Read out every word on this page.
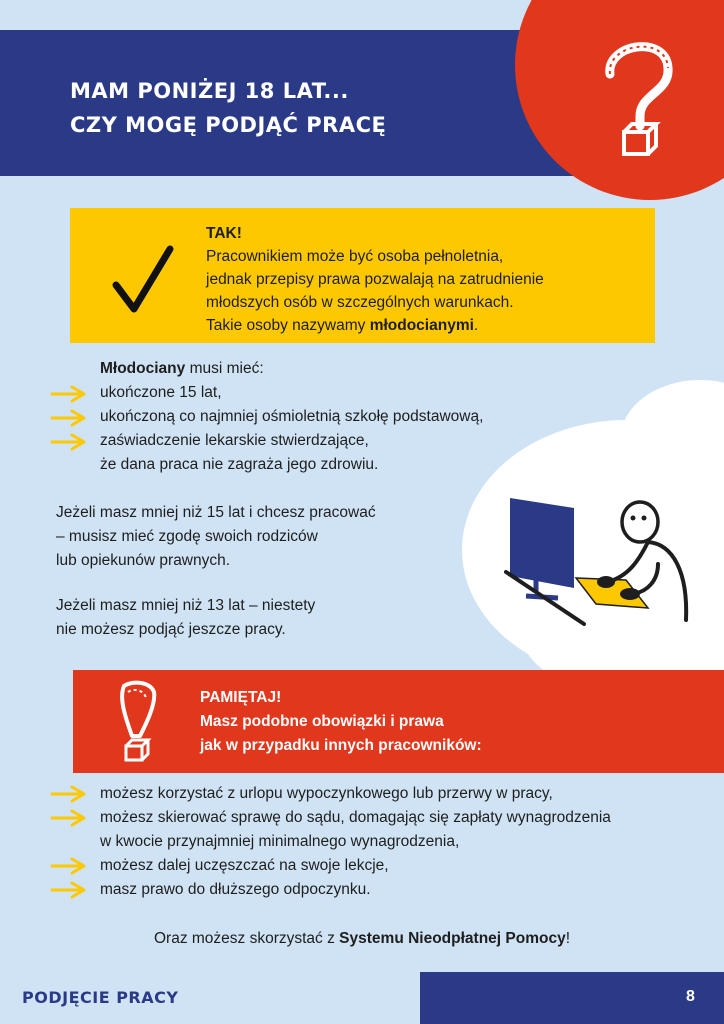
MAM PONIŻEJ 18 LAT...
CZY MOGĘ PODJĄĆ PRACĘ
TAK!
Pracownikiem może być osoba pełnoletnia,
jednak przepisy prawa pozwalają na zatrudnienie
młodszych osób w szczególnych warunkach.
Takie osoby nazywamy młodocianymi.
Młodociany musi mieć:
ukończone 15 lat,
ukończoną co najmniej ośmioletnią szkołę podstawową,
zaświadczenie lekarskie stwierdzające,
że dana praca nie zagraża jego zdrowiu.
Jeżeli masz mniej niż 15 lat i chcesz pracować
– musisz mieć zgodę swoich rodziców
lub opiekunów prawnych.
Jeżeli masz mniej niż 13 lat – niestety
nie możesz podjąć jeszcze pracy.
PAMIĘTAJ!
Masz podobne obowiązki i prawa
jak w przypadku innych pracowników:
możesz korzystać z urlopu wypoczynkowego lub przerwy w pracy,
możesz skierować sprawę do sądu, domagając się zapłaty wynagrodzenia
w kwocie przynajmniej minimalnego wynagrodzenia,
możesz dalej uczęszczać na swoje lekcje,
masz prawo do dłuższego odpoczynku.
Oraz możesz skorzystać z Systemu Nieodpłatnej Pomocy!
PODJĘCIE PRACY	8
